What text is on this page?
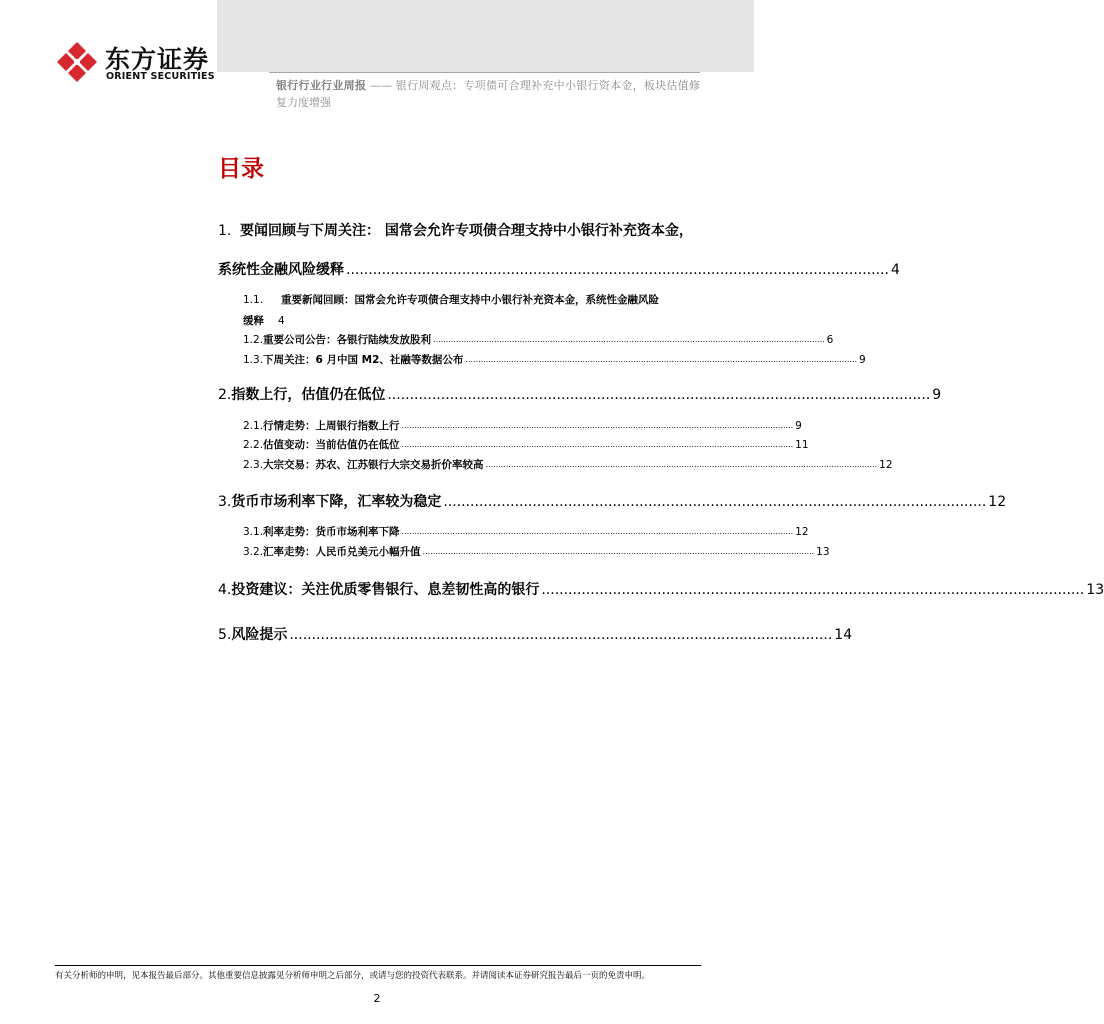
东方证券
ORIENT SECURITIES
银行行业行业周报 —— 银行周观点：专项债可合理补充中小银行资本金，板块估值修复力度增强
目录
1. 要闻回顾与下周关注： 国常会允许专项债合理支持中小银行补充资本金，
系统性金融风险缓释 .......................................................................................................................... 4
1.1. 重要新闻回顾：国常会允许专项债合理支持中小银行补充资本金，系统性金融风险
缓释 4
1.2. 重要公司公告：各银行陆续发放股利 .......................................................................................................................................................... 6
1.3. 下周关注：6 月中国 M2、社融等数据公布 .......................................................................................................................................................... 9
2. 指数上行，估值仍在低位 .......................................................................................................................... 9
2.1. 行情走势：上周银行指数上行 .......................................................................................................................................................... 9
2.2. 估值变动：当前估值仍在低位 .......................................................................................................................................................... 11
2.3. 大宗交易：苏农、江苏银行大宗交易折价率较高 .......................................................................................................................................................... 12
3. 货币市场利率下降，汇率较为稳定 .......................................................................................................................... 12
3.1. 利率走势：货币市场利率下降 .......................................................................................................................................................... 12
3.2. 汇率走势：人民币兑美元小幅升值 .......................................................................................................................................................... 13
4. 投资建议：关注优质零售银行、息差韧性高的银行 .......................................................................................................................... 13
5. 风险提示 .......................................................................................................................... 14
有关分析师的申明，见本报告最后部分。其他重要信息披露见分析师申明之后部分，或请与您的投资代表联系。并请阅读本证券研究报告最后一页的免责申明。
2
